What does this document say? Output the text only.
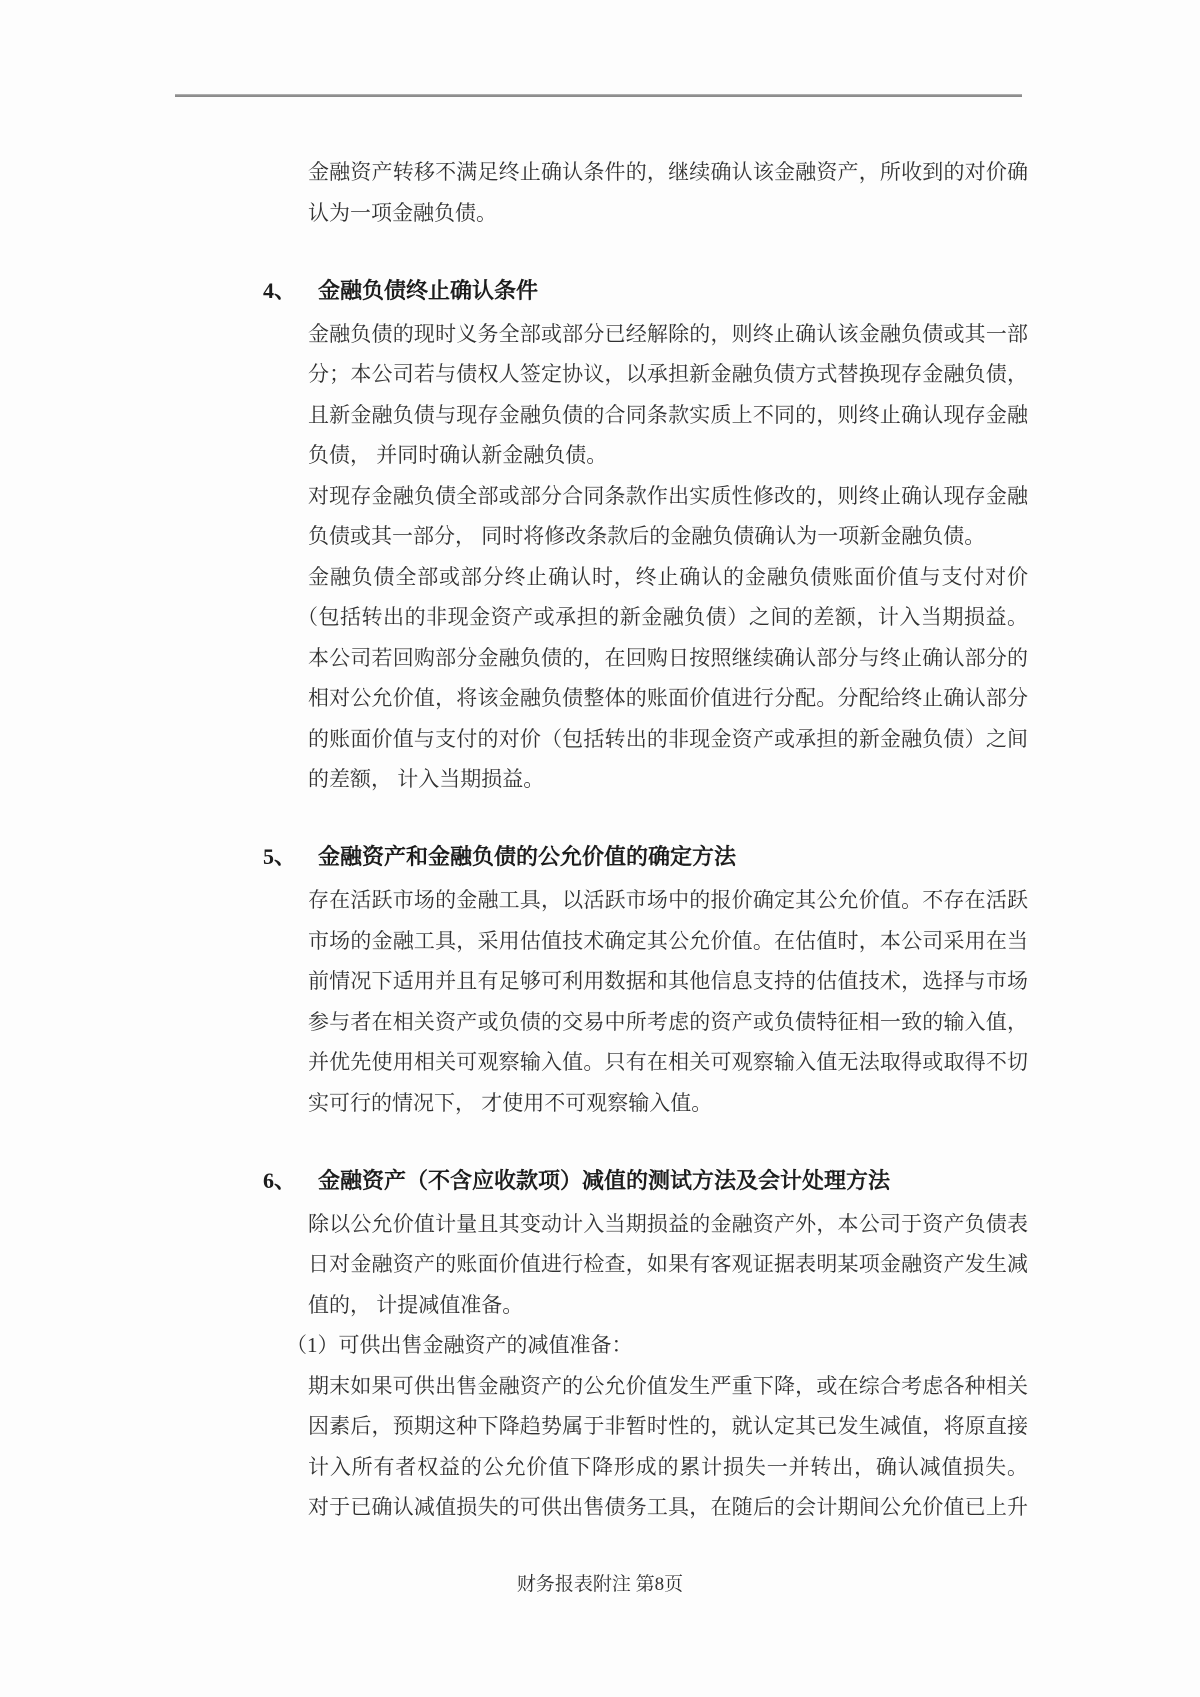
财务报表附注 第8页
金融资产转移不满足终止确认条件的，继续确认该金融资产，所收到的对价确
认为一项金融负债。
4、 金融负债终止确认条件
金融负债的现时义务全部或部分已经解除的，则终止确认该金融负债或其一部
分；本公司若与债权人签定协议，以承担新金融负债方式替换现存金融负债，
且新金融负债与现存金融负债的合同条款实质上不同的，则终止确认现存金融
负债， 并同时确认新金融负债。
对现存金融负债全部或部分合同条款作出实质性修改的，则终止确认现存金融
负债或其一部分， 同时将修改条款后的金融负债确认为一项新金融负债。
金融负债全部或部分终止确认时，终止确认的金融负债账面价值与支付对价
（包括转出的非现金资产或承担的新金融负债）之间的差额，计入当期损益。
本公司若回购部分金融负债的，在回购日按照继续确认部分与终止确认部分的
相对公允价值，将该金融负债整体的账面价值进行分配。分配给终止确认部分
的账面价值与支付的对价（包括转出的非现金资产或承担的新金融负债）之间
的差额， 计入当期损益。
5、 金融资产和金融负债的公允价值的确定方法
存在活跃市场的金融工具，以活跃市场中的报价确定其公允价值。不存在活跃
市场的金融工具，采用估值技术确定其公允价值。在估值时，本公司采用在当
前情况下适用并且有足够可利用数据和其他信息支持的估值技术，选择与市场
参与者在相关资产或负债的交易中所考虑的资产或负债特征相一致的输入值，
并优先使用相关可观察输入值。只有在相关可观察输入值无法取得或取得不切
实可行的情况下， 才使用不可观察输入值。
6、 金融资产（不含应收款项）减值的测试方法及会计处理方法
除以公允价值计量且其变动计入当期损益的金融资产外，本公司于资产负债表
日对金融资产的账面价值进行检查，如果有客观证据表明某项金融资产发生减
值的， 计提减值准备。
（1）可供出售金融资产的减值准备：
期末如果可供出售金融资产的公允价值发生严重下降，或在综合考虑各种相关
因素后，预期这种下降趋势属于非暂时性的，就认定其已发生减值，将原直接
计入所有者权益的公允价值下降形成的累计损失一并转出，确认减值损失。
对于已确认减值损失的可供出售债务工具，在随后的会计期间公允价值已上升
